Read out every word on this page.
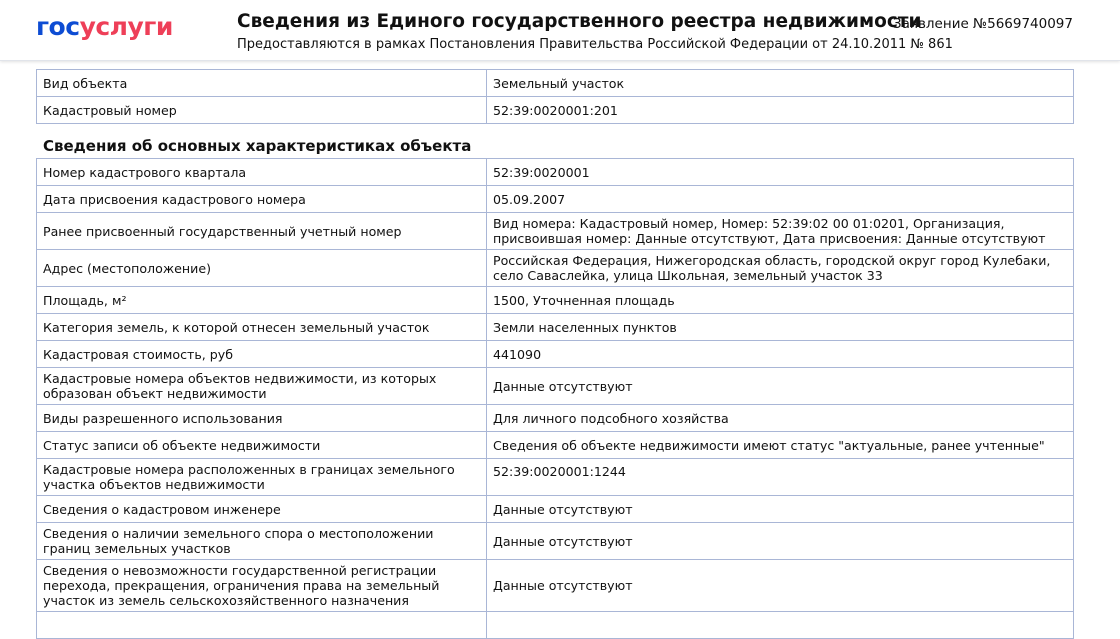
госуслуги	Сведения из Единого государственного реестра недвижимости
Предоставляются в рамках Постановления Правительства Российской Федерации от 24.10.2011 № 861
Заявление №5669740097
Вид объекта	Земельный участок
Кадастровый номер	52:39:0020001:201
Сведения об основных характеристиках объекта
Номер кадастрового квартала	52:39:0020001
Дата присвоения кадастрового номера	05.09.2007
Ранее присвоенный государственный учетный номер	Вид номера: Кадастровый номер, Номер: 52:39:02 00 01:0201, Организация, присвоившая номер: Данные отсутствуют, Дата присвоения: Данные отсутствуют
Адрес (местоположение)	Российская Федерация, Нижегородская область, городской округ город Кулебаки, село Саваслейка, улица Школьная, земельный участок 33
Площадь, м²	1500, Уточненная площадь
Категория земель, к которой отнесен земельный участок	Земли населенных пунктов
Кадастровая стоимость, руб	441090
Кадастровые номера объектов недвижимости, из которых образован объект недвижимости	Данные отсутствуют
Виды разрешенного использования	Для личного подсобного хозяйства
Статус записи об объекте недвижимости	Сведения об объекте недвижимости имеют статус "актуальные, ранее учтенные"
Кадастровые номера расположенных в границах земельного участка объектов недвижимости	52:39:0020001:1244
Сведения о кадастровом инженере	Данные отсутствуют
Сведения о наличии земельного спора о местоположении границ земельных участков	Данные отсутствуют
Сведения о невозможности государственной регистрации перехода, прекращения, ограничения права на земельный участок из земель сельскохозяйственного назначения	Данные отсутствуют
